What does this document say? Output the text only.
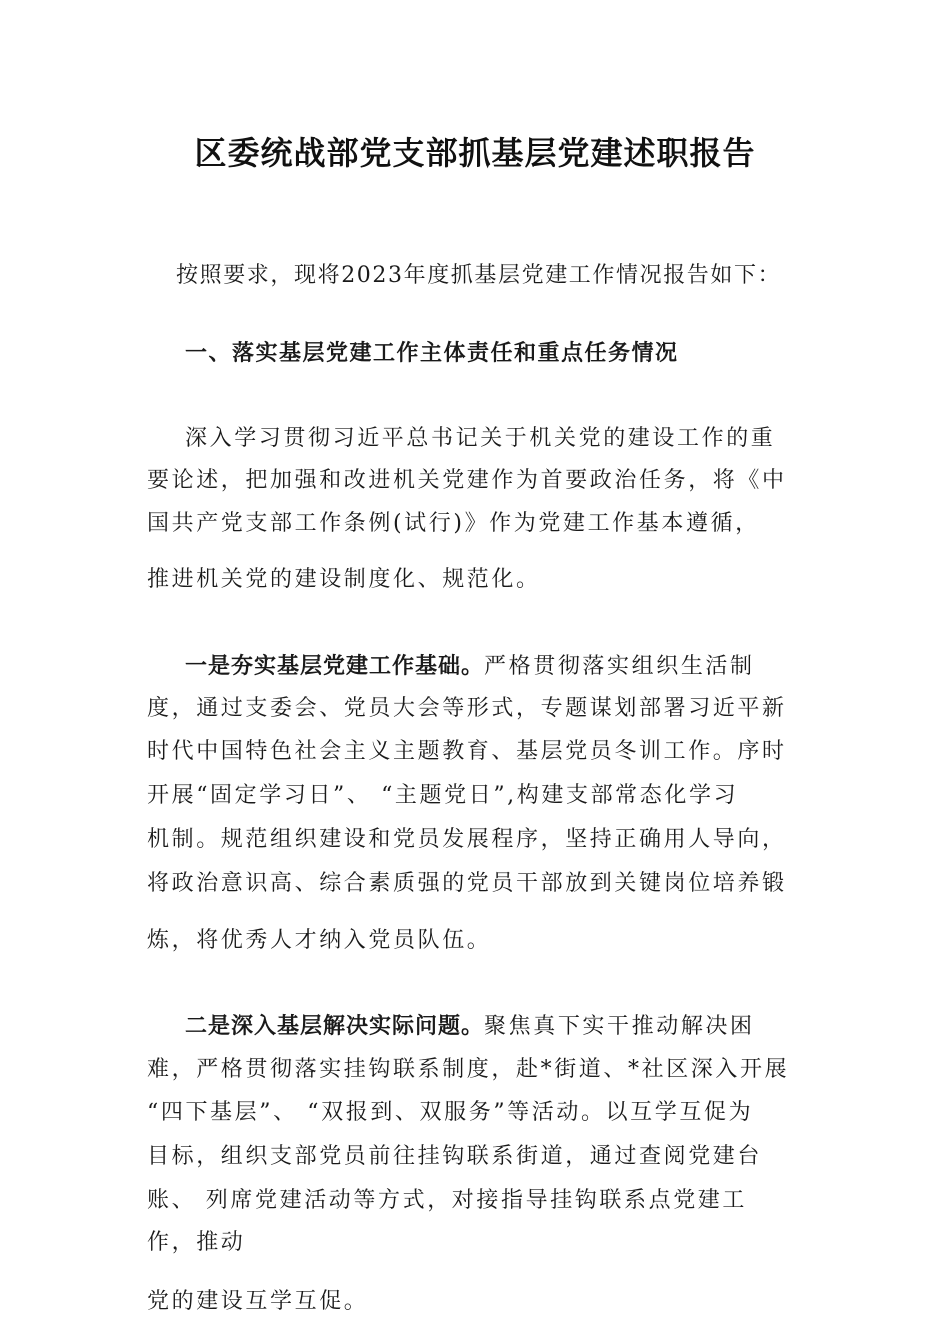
区委统战部党支部抓基层党建述职报告

按照要求，现将2023年度抓基层党建工作情况报告如下：

一、落实基层党建工作主体责任和重点任务情况

深入学习贯彻习近平总书记关于机关党的建设工作的重

要论述，把加强和改进机关党建作为首要政治任务，将《中

国共产党支部工作条例(试行)》作为党建工作基本遵循，

推进机关党的建设制度化、规范化。

一是夯实基层党建工作基础。严格贯彻落实组织生活制

度，通过支委会、党员大会等形式，专题谋划部署习近平新

时代中国特色社会主义主题教育、基层党员冬训工作。序时

开展“固定学习日”、 “主题党日”,构建支部常态化学习

机制。规范组织建设和党员发展程序，坚持正确用人导向，

将政治意识高、综合素质强的党员干部放到关键岗位培养锻

炼，将优秀人才纳入党员队伍。

二是深入基层解决实际问题。聚焦真下实干推动解决困

难，严格贯彻落实挂钩联系制度，赴*街道、*社区深入开展

“四下基层”、 “双报到、双服务”等活动。以互学互促为

目标，组织支部党员前往挂钩联系街道，通过查阅党建台

账、 列席党建活动等方式，对接指导挂钩联系点党建工

作，推动

党的建设互学互促。
